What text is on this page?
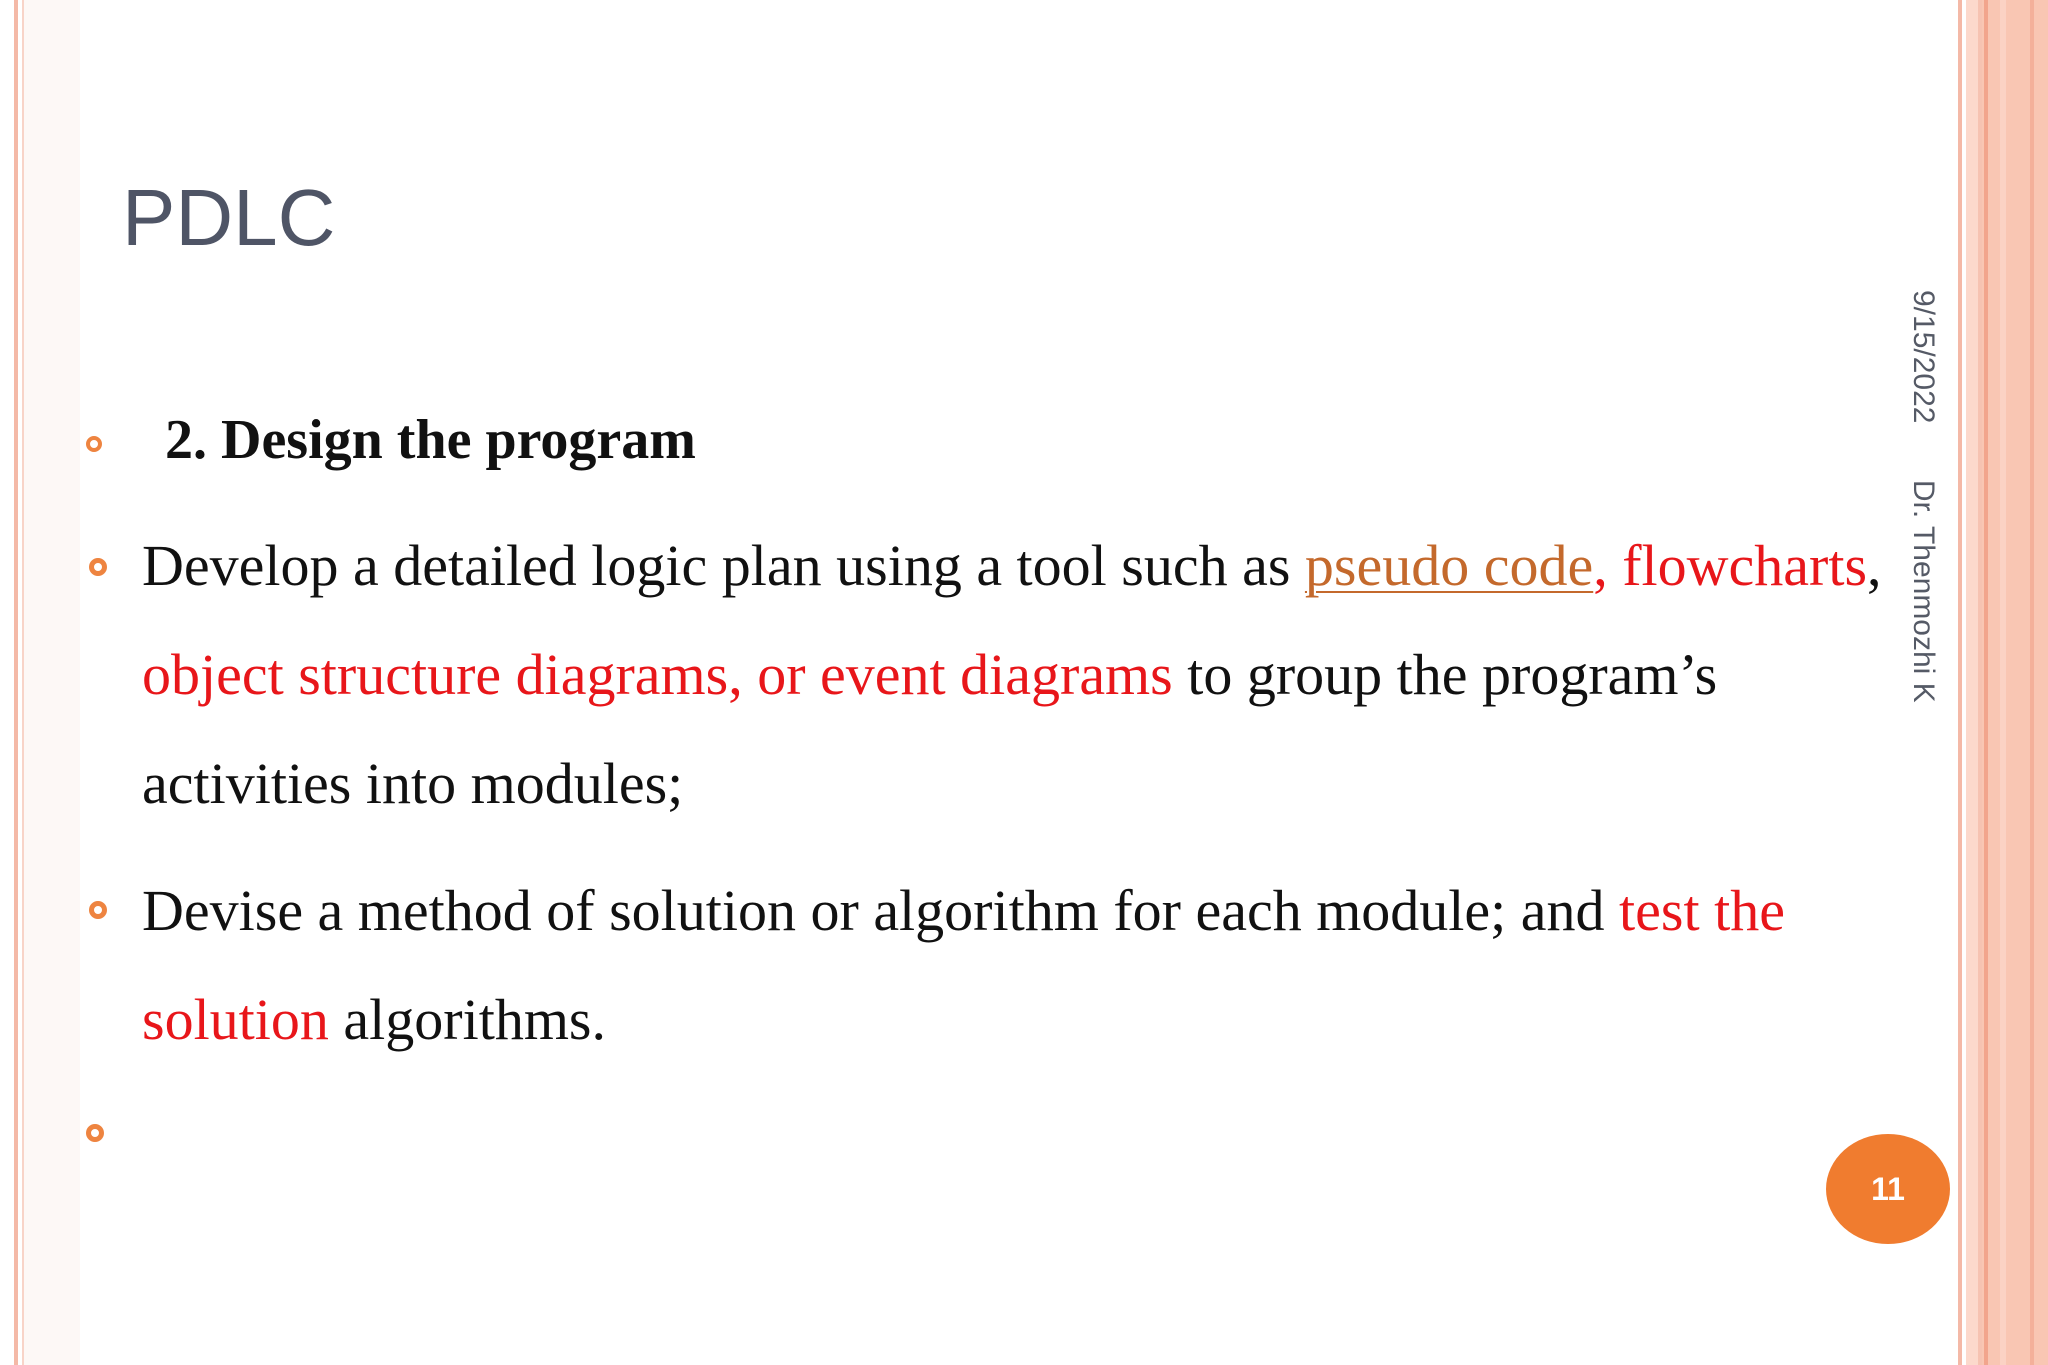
PDLC
9/15/2022 Dr. Thenmozhi K

2. Design the program

Develop a detailed logic plan using a tool such as pseudo code, flowcharts,

object structure diagrams, or event diagrams to group the program’s

activities into modules;

Devise a method of solution or algorithm for each module; and test the

solution algorithms.

11
